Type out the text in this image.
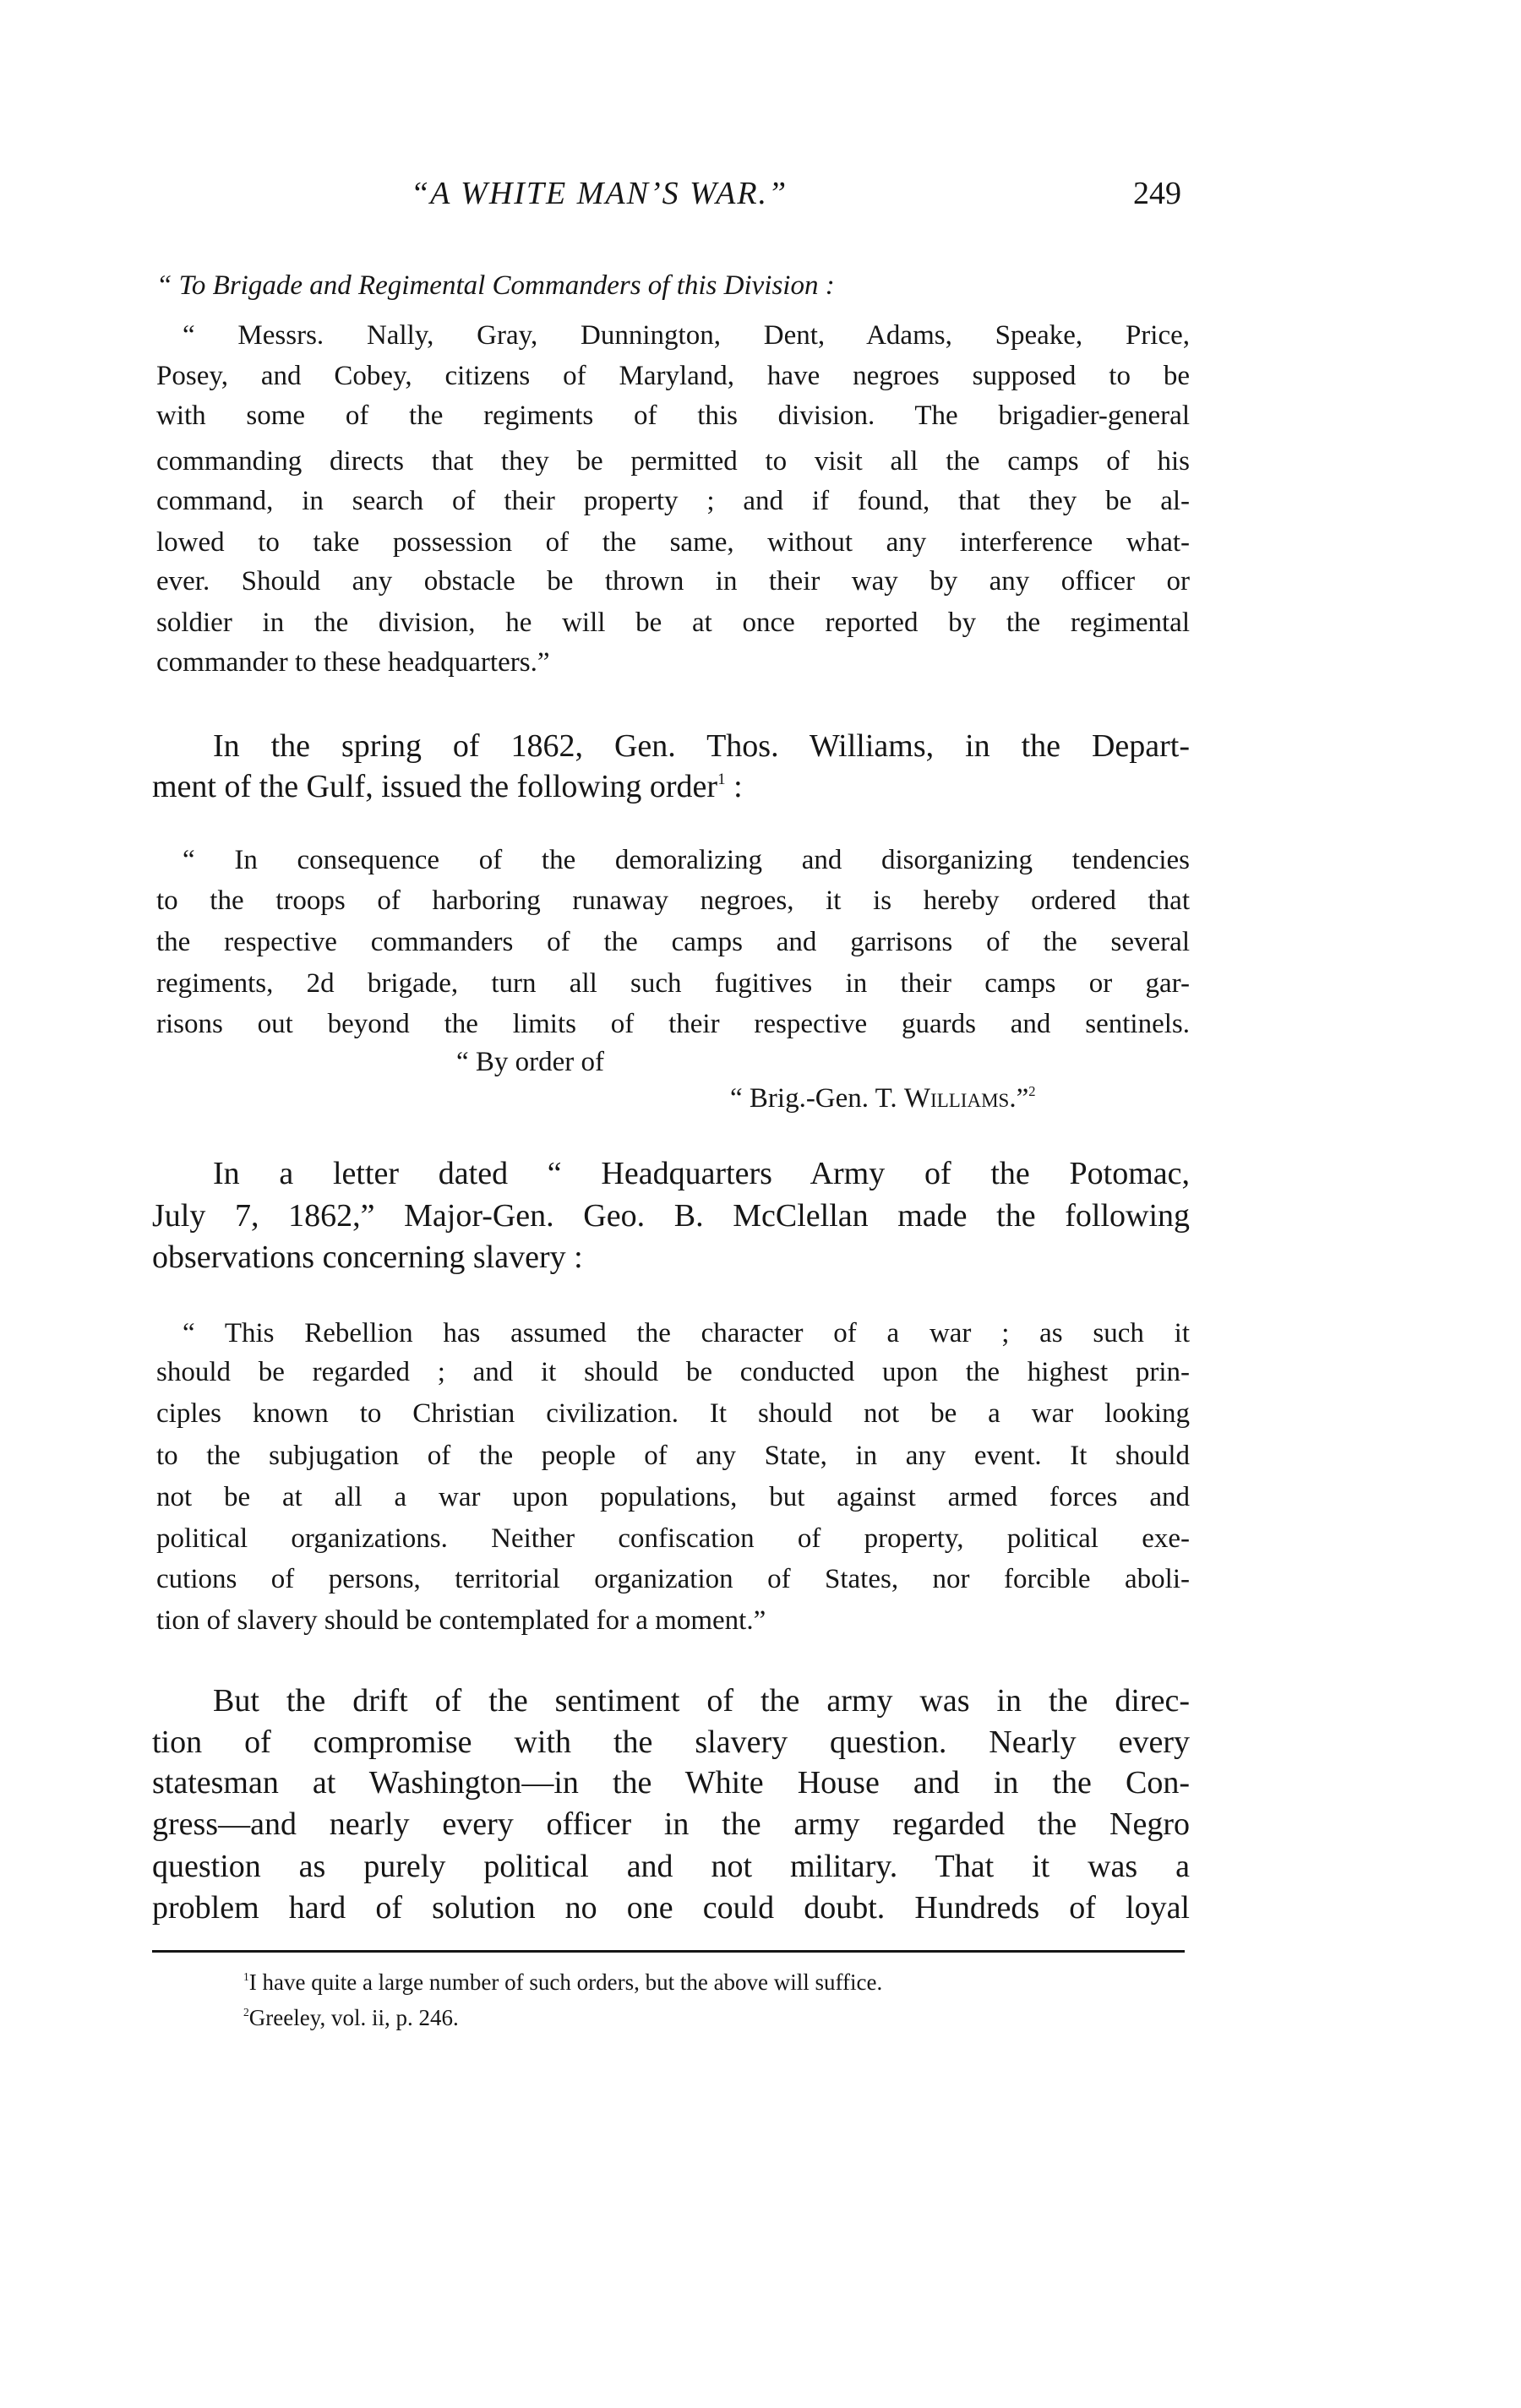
“A WHITE MAN’S WAR.”	249
“ To Brigade and Regimental Commanders of this Division :
“ Messrs. Nally, Gray, Dunnington, Dent, Adams, Speake, Price,
Posey, and Cobey, citizens of Maryland, have negroes supposed to be
with some of the regiments of this division. The brigadier-general
commanding directs that they be permitted to visit all the camps of his
command, in search of their property ; and if found, that they be al-
lowed to take possession of the same, without any interference what-
ever. Should any obstacle be thrown in their way by any officer or
soldier in the division, he will be at once reported by the regimental
commander to these headquarters.”
In the spring of 1862, Gen. Thos. Williams, in the Depart-
ment of the Gulf, issued the following order$^1$ :
“ In consequence of the demoralizing and disorganizing tendencies
to the troops of harboring runaway negroes, it is hereby ordered that
the respective commanders of the camps and garrisons of the several
regiments, 2d brigade, turn all such fugitives in their camps or gar-
risons out beyond the limits of their respective guards and sentinels.
“ By order of
“ Brig.-Gen. T. Williams.”$^2$
In a letter dated “ Headquarters Army of the Potomac,
July 7, 1862,” Major-Gen. Geo. B. McClellan made the following
observations concerning slavery :
“ This Rebellion has assumed the character of a war ; as such it
should be regarded ; and it should be conducted upon the highest prin-
ciples known to Christian civilization. It should not be a war looking
to the subjugation of the people of any State, in any event. It should
not be at all a war upon populations, but against armed forces and
political organizations. Neither confiscation of property, political exe-
cutions of persons, territorial organization of States, nor forcible aboli-
tion of slavery should be contemplated for a moment.”
But the drift of the sentiment of the army was in the direc-
tion of compromise with the slavery question. Nearly every
statesman at Washington—in the White House and in the Con-
gress—and nearly every officer in the army regarded the Negro
question as purely political and not military. That it was a
problem hard of solution no one could doubt. Hundreds of loyal
$^1$I have quite a large number of such orders, but the above will suffice.
$^2$Greeley, vol. ii, p. 246.
